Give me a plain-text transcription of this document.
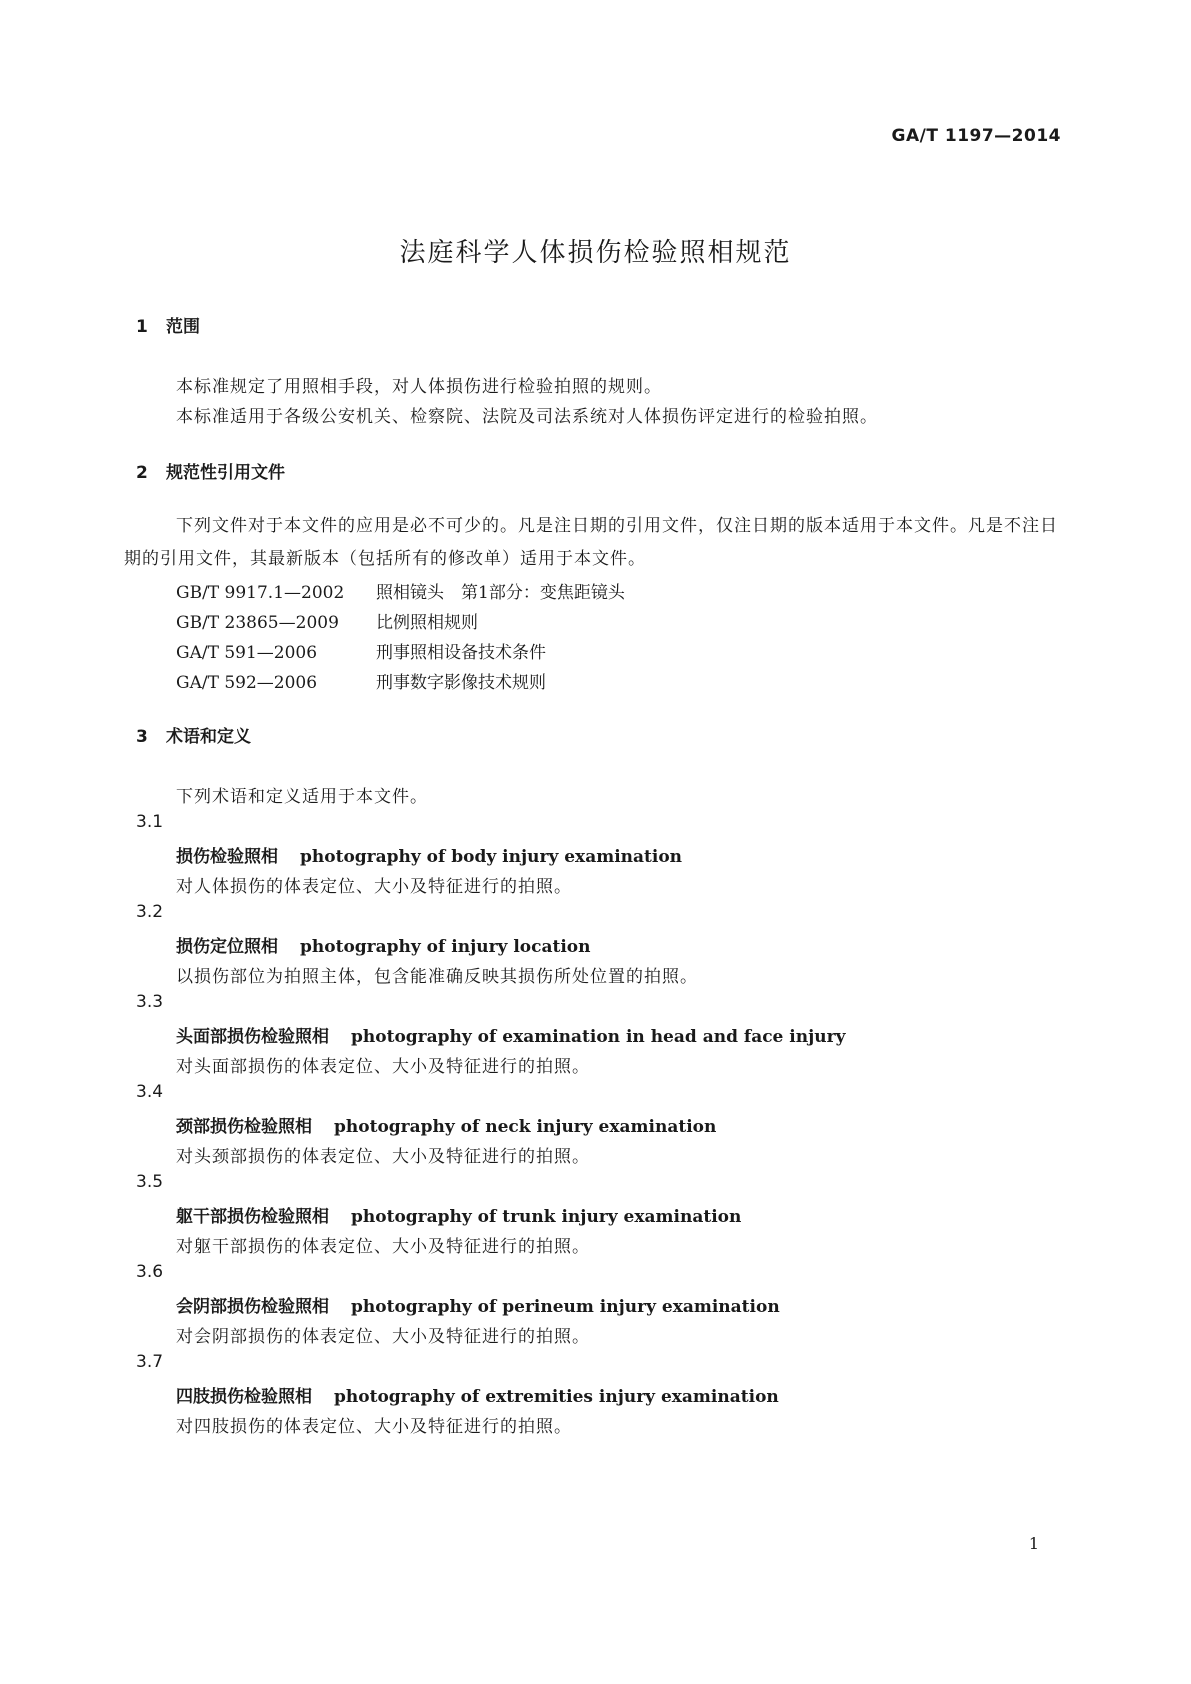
GA/T 1197—2014
法庭科学人体损伤检验照相规范
1 范围
本标准规定了用照相手段，对人体损伤进行检验拍照的规则。
本标准适用于各级公安机关、检察院、法院及司法系统对人体损伤评定进行的检验拍照。
2 规范性引用文件
下列文件对于本文件的应用是必不可少的。凡是注日期的引用文件，仅注日期的版本适用于本文件。凡是不注日期的引用文件，其最新版本（包括所有的修改单）适用于本文件。
GB/T 9917.1—2002 照相镜头　第1部分：变焦距镜头
GB/T 23865—2009 比例照相规则
GA/T 591—2006	刑事照相设备技术条件
GA/T 592—2006	刑事数字影像技术规则
3 术语和定义
下列术语和定义适用于本文件。
3.1
损伤检验照相 photography of body injury examination
对人体损伤的体表定位、大小及特征进行的拍照。
3.2
损伤定位照相 photography of injury location
以损伤部位为拍照主体，包含能准确反映其损伤所处位置的拍照。
3.3
头面部损伤检验照相 photography of examination in head and face injury
对头面部损伤的体表定位、大小及特征进行的拍照。
3.4
颈部损伤检验照相 photography of neck injury examination
对头颈部损伤的体表定位、大小及特征进行的拍照。
3.5
躯干部损伤检验照相 photography of trunk injury examination
对躯干部损伤的体表定位、大小及特征进行的拍照。
3.6
会阴部损伤检验照相 photography of perineum injury examination
对会阴部损伤的体表定位、大小及特征进行的拍照。
3.7
四肢损伤检验照相 photography of extremities injury examination
对四肢损伤的体表定位、大小及特征进行的拍照。
1
